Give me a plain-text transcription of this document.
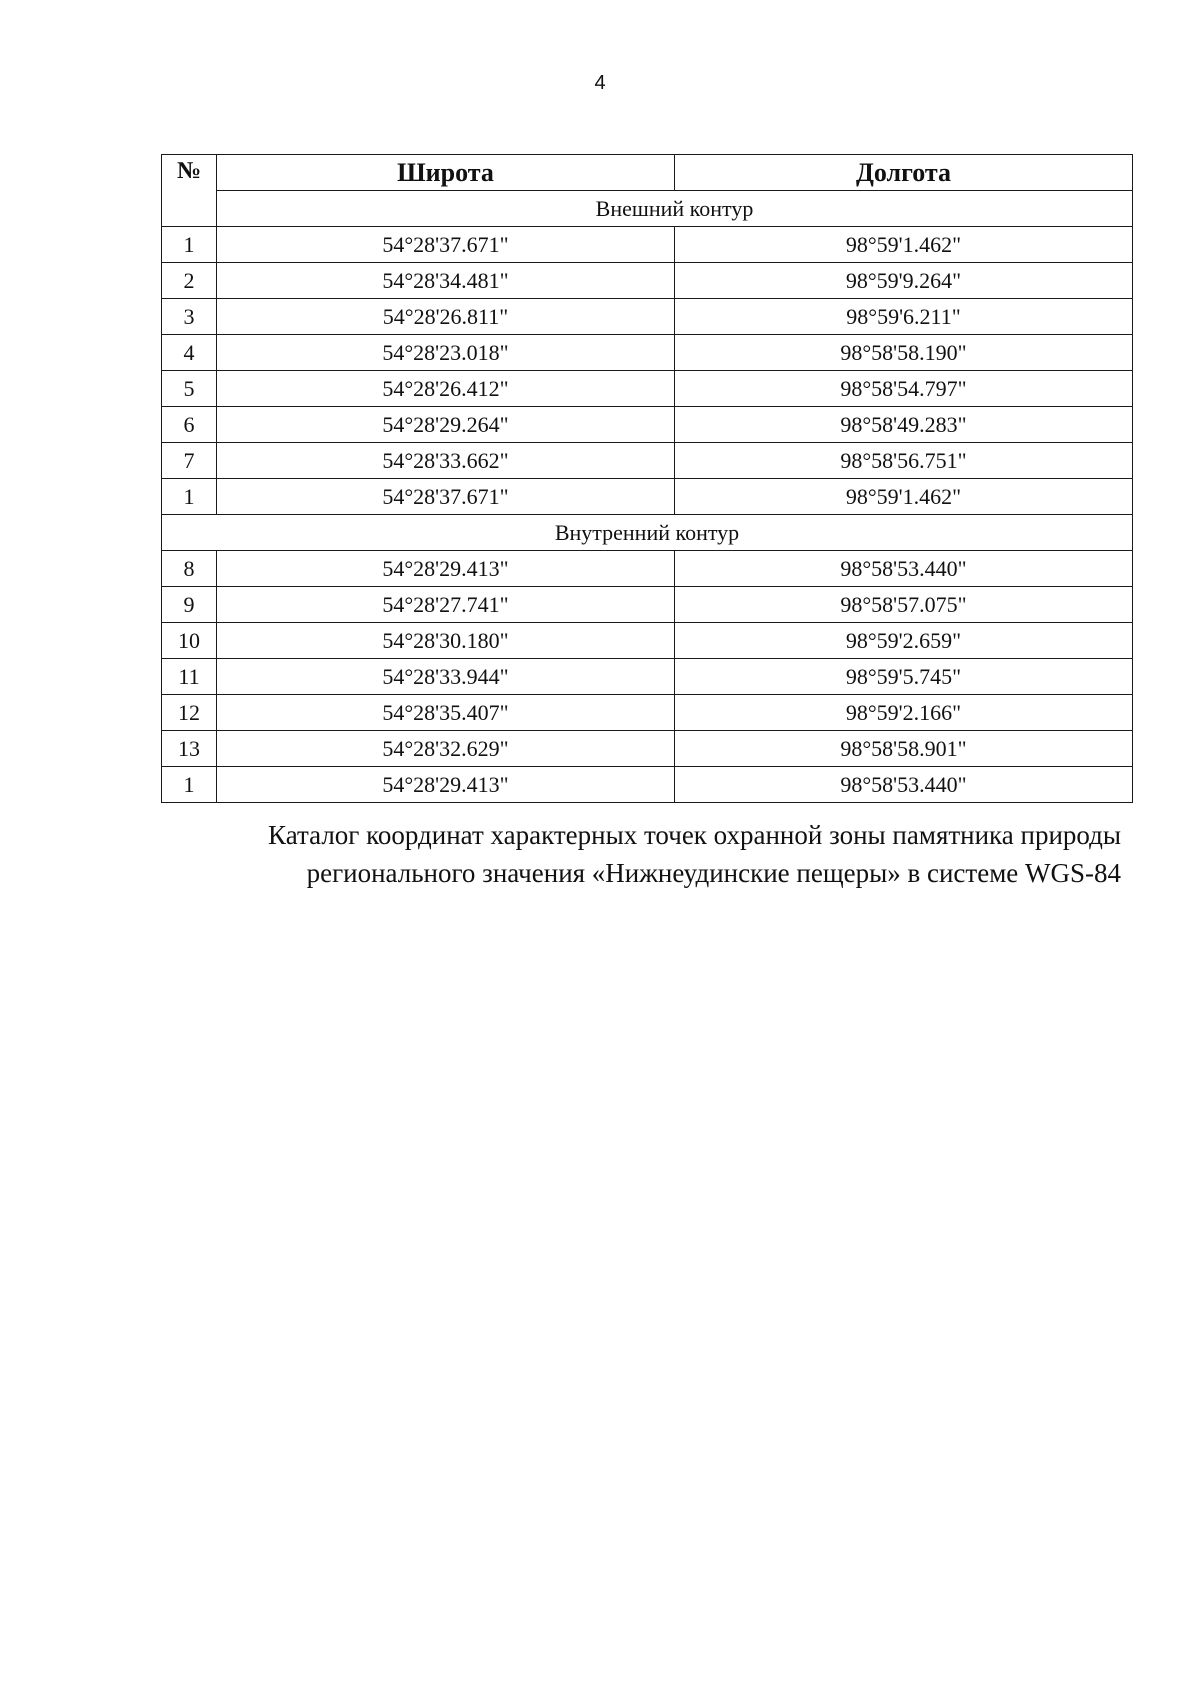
4
№	Широта	Долгота
	Внешний контур	
1	54°28'37.671"	98°59'1.462"
2	54°28'34.481"	98°59'9.264"
3	54°28'26.811"	98°59'6.211"
4	54°28'23.018"	98°58'58.190"
5	54°28'26.412"	98°58'54.797"
6	54°28'29.264"	98°58'49.283"
7	54°28'33.662"	98°58'56.751"
1	54°28'37.671"	98°59'1.462"
Внутренний контур		
8	54°28'29.413"	98°58'53.440"
9	54°28'27.741"	98°58'57.075"
10	54°28'30.180"	98°59'2.659"
11	54°28'33.944"	98°59'5.745"
12	54°28'35.407"	98°59'2.166"
13	54°28'32.629"	98°58'58.901"
1	54°28'29.413"	98°58'53.440"
Каталог координат характерных точек охранной зоны памятника природы
регионального значения «Нижнеудинские пещеры» в системе WGS-84
